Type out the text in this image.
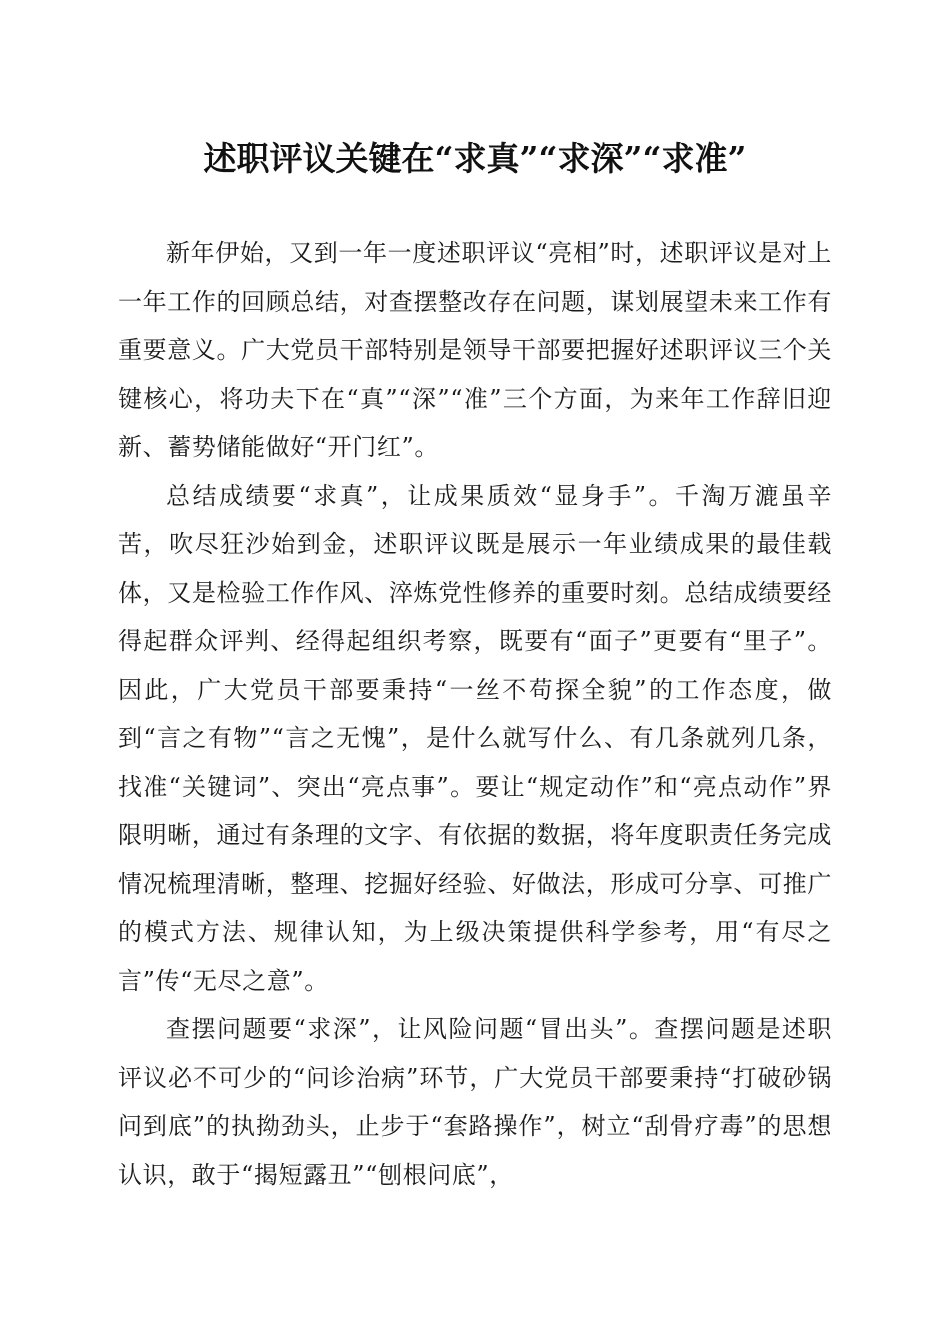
述职评议关键在“求真”“求深”“求准”

新年伊始，又到一年一度述职评议“亮相”时，述职评议是对上一年工作的回顾总结，对查摆整改存在问题，谋划展望未来工作有重要意义。广大党员干部特别是领导干部要把握好述职评议三个关键核心，将功夫下在“真”“深”“准”三个方面，为来年工作辞旧迎新、蓄势储能做好“开门红”。

总结成绩要“求真”，让成果质效“显身手”。千淘万漉虽辛苦，吹尽狂沙始到金，述职评议既是展示一年业绩成果的最佳载体，又是检验工作作风、淬炼党性修养的重要时刻。总结成绩要经得起群众评判、经得起组织考察，既要有“面子”更要有“里子”。因此，广大党员干部要秉持“一丝不苟探全貌”的工作态度，做到“言之有物”“言之无愧”，是什么就写什么、有几条就列几条，找准“关键词”、突出“亮点事”。要让“规定动作”和“亮点动作”界限明晰，通过有条理的文字、有依据的数据，将年度职责任务完成情况梳理清晰，整理、挖掘好经验、好做法，形成可分享、可推广的模式方法、规律认知，为上级决策提供科学参考，用“有尽之言”传“无尽之意”。

查摆问题要“求深”，让风险问题“冒出头”。查摆问题是述职评议必不可少的“问诊治病”环节，广大党员干部要秉持“打破砂锅问到底”的执拗劲头，止步于“套路操作”，树立“刮骨疗毒”的思想认识，敢于“揭短露丑”“刨根问底”，
